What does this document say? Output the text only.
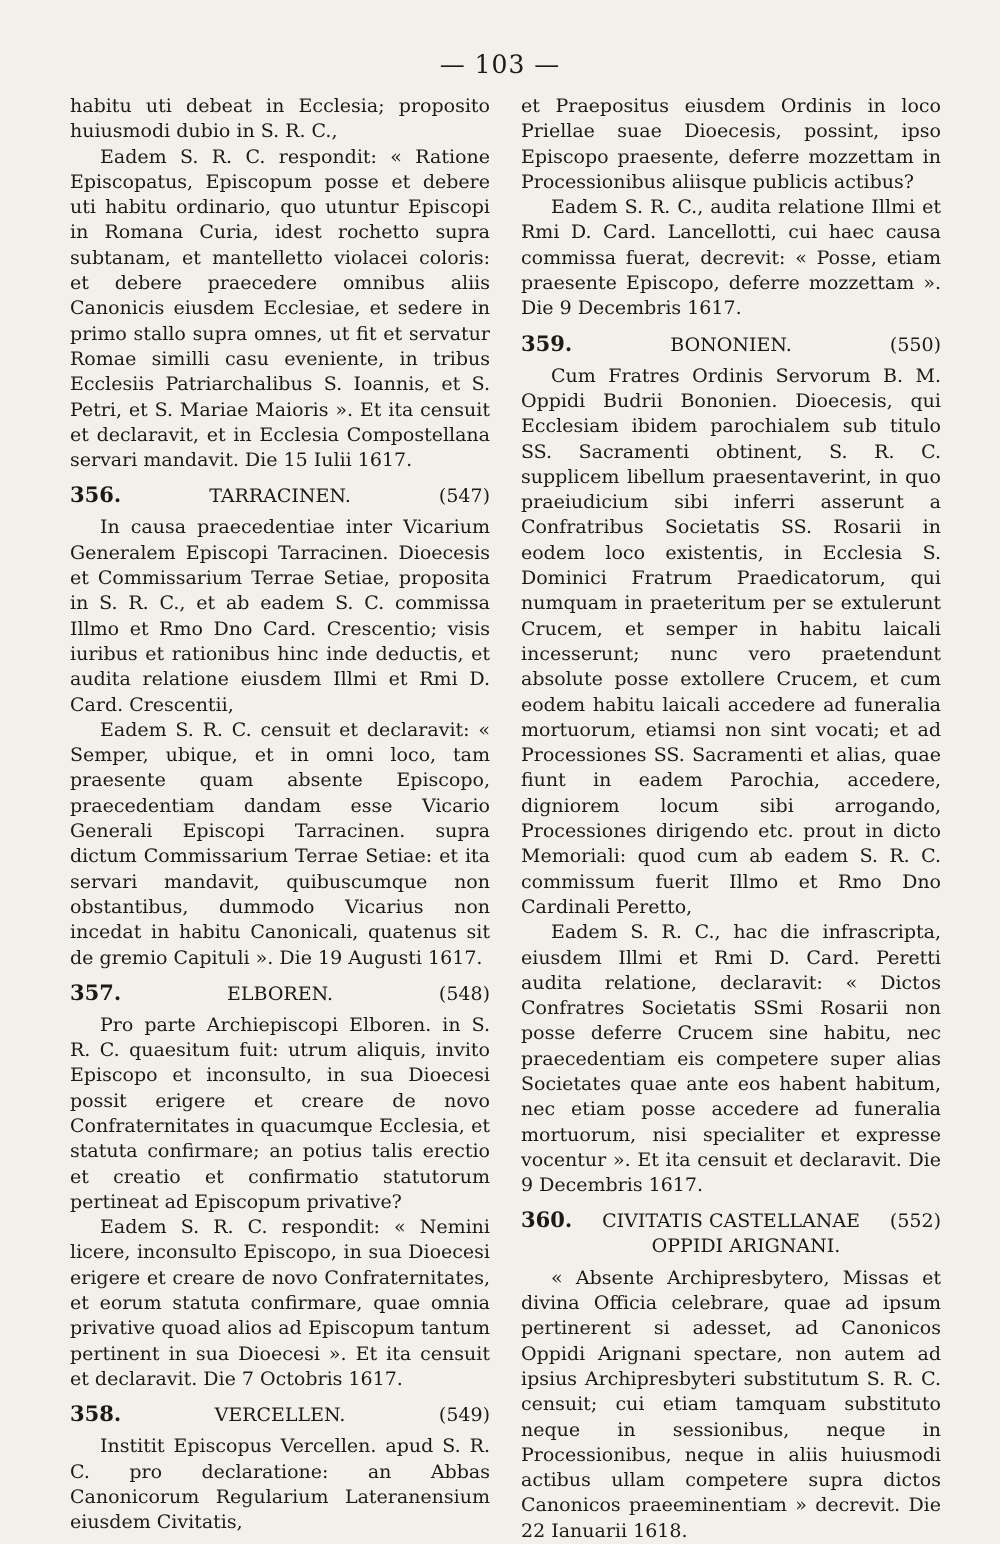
— 103 —

habitu uti debeat in Ecclesia; proposito huiusmodi dubio in S. R. C.,

Eadem S. R. C. respondit: « Ratione Episcopatus, Episcopum posse et debere uti habitu ordinario, quo utuntur Episcopi in Romana Curia, idest rochetto supra subtanam, et mantelletto violacei coloris: et debere praecedere omnibus aliis Canonicis eiusdem Ecclesiae, et sedere in primo stallo supra omnes, ut fit et servatur Romae similli casu eveniente, in tribus Ecclesiis Patriarchalibus S. Ioannis, et S. Petri, et S. Mariae Maioris ». Et ita censuit et declaravit, et in Ecclesia Compostellana servari mandavit. Die 15 Iulii 1617.

356.	TARRACINEN.	(547)

In causa praecedentiae inter Vicarium Generalem Episcopi Tarracinen. Dioecesis et Commissarium Terrae Setiae, proposita in S. R. C., et ab eadem S. C. commissa Illmo et Rmo Dno Card. Crescentio; visis iuribus et rationibus hinc inde deductis, et audita relatione eiusdem Illmi et Rmi D. Card. Crescentii,

Eadem S. R. C. censuit et declaravit: « Semper, ubique, et in omni loco, tam praesente quam absente Episcopo, praecedentiam dandam esse Vicario Generali Episcopi Tarracinen. supra dictum Commissarium Terrae Setiae: et ita servari mandavit, quibuscumque non obstantibus, dummodo Vicarius non incedat in habitu Canonicali, quatenus sit de gremio Capituli ». Die 19 Augusti 1617.

357.	ELBOREN.	(548)

Pro parte Archiepiscopi Elboren. in S. R. C. quaesitum fuit: utrum aliquis, invito Episcopo et inconsulto, in sua Dioecesi possit erigere et creare de novo Confraternitates in quacumque Ecclesia, et statuta confirmare; an potius talis erectio et creatio et confirmatio statutorum pertineat ad Episcopum privative?

Eadem S. R. C. respondit: « Nemini licere, inconsulto Episcopo, in sua Dioecesi erigere et creare de novo Confraternitates, et eorum statuta confirmare, quae omnia privative quoad alios ad Episcopum tantum pertinent in sua Dioecesi ». Et ita censuit et declaravit. Die 7 Octobris 1617.

358.	VERCELLEN.	(549)

Institit Episcopus Vercellen. apud S. R. C. pro declaratione: an Abbas Canonicorum Regularium Lateranensium eiusdem Civitatis,

et Praepositus eiusdem Ordinis in loco Priellae suae Dioecesis, possint, ipso Episcopo praesente, deferre mozzettam in Processionibus aliisque publicis actibus?

Eadem S. R. C., audita relatione Illmi et Rmi D. Card. Lancellotti, cui haec causa commissa fuerat, decrevit: « Posse, etiam praesente Episcopo, deferre mozzettam ». Die 9 Decembris 1617.

359.	BONONIEN.	(550)

Cum Fratres Ordinis Servorum B. M. Oppidi Budrii Bononien. Dioecesis, qui Ecclesiam ibidem parochialem sub titulo SS. Sacramenti obtinent, S. R. C. supplicem libellum praesentaverint, in quo praeiudicium sibi inferri asserunt a Confratribus Societatis SS. Rosarii in eodem loco existentis, in Ecclesia S. Dominici Fratrum Praedicatorum, qui numquam in praeteritum per se extulerunt Crucem, et semper in habitu laicali incesserunt; nunc vero praetendunt absolute posse extollere Crucem, et cum eodem habitu laicali accedere ad funeralia mortuorum, etiamsi non sint vocati; et ad Processiones SS. Sacramenti et alias, quae fiunt in eadem Parochia, accedere, digniorem locum sibi arrogando, Processiones dirigendo etc. prout in dicto Memoriali: quod cum ab eadem S. R. C. commissum fuerit Illmo et Rmo Dno Cardinali Peretto,

Eadem S. R. C., hac die infrascripta, eiusdem Illmi et Rmi D. Card. Peretti audita relatione, declaravit: « Dictos Confratres Societatis SSmi Rosarii non posse deferre Crucem sine habitu, nec praecedentiam eis competere super alias Societates quae ante eos habent habitum, nec etiam posse accedere ad funeralia mortuorum, nisi specialiter et expresse vocentur ». Et ita censuit et declaravit. Die 9 Decembris 1617.

360. CIVITATIS CASTELLANAE (552)
OPPIDI ARIGNANI.

« Absente Archipresbytero, Missas et divina Officia celebrare, quae ad ipsum pertinerent si adesset, ad Canonicos Oppidi Arignani spectare, non autem ad ipsius Archipresbyteri substitutum S. R. C. censuit; cui etiam tamquam substituto neque in sessionibus, neque in Processionibus, neque in aliis huiusmodi actibus ullam competere supra dictos Canonicos praeeminentiam » decrevit. Die 22 Ianuarii 1618.
